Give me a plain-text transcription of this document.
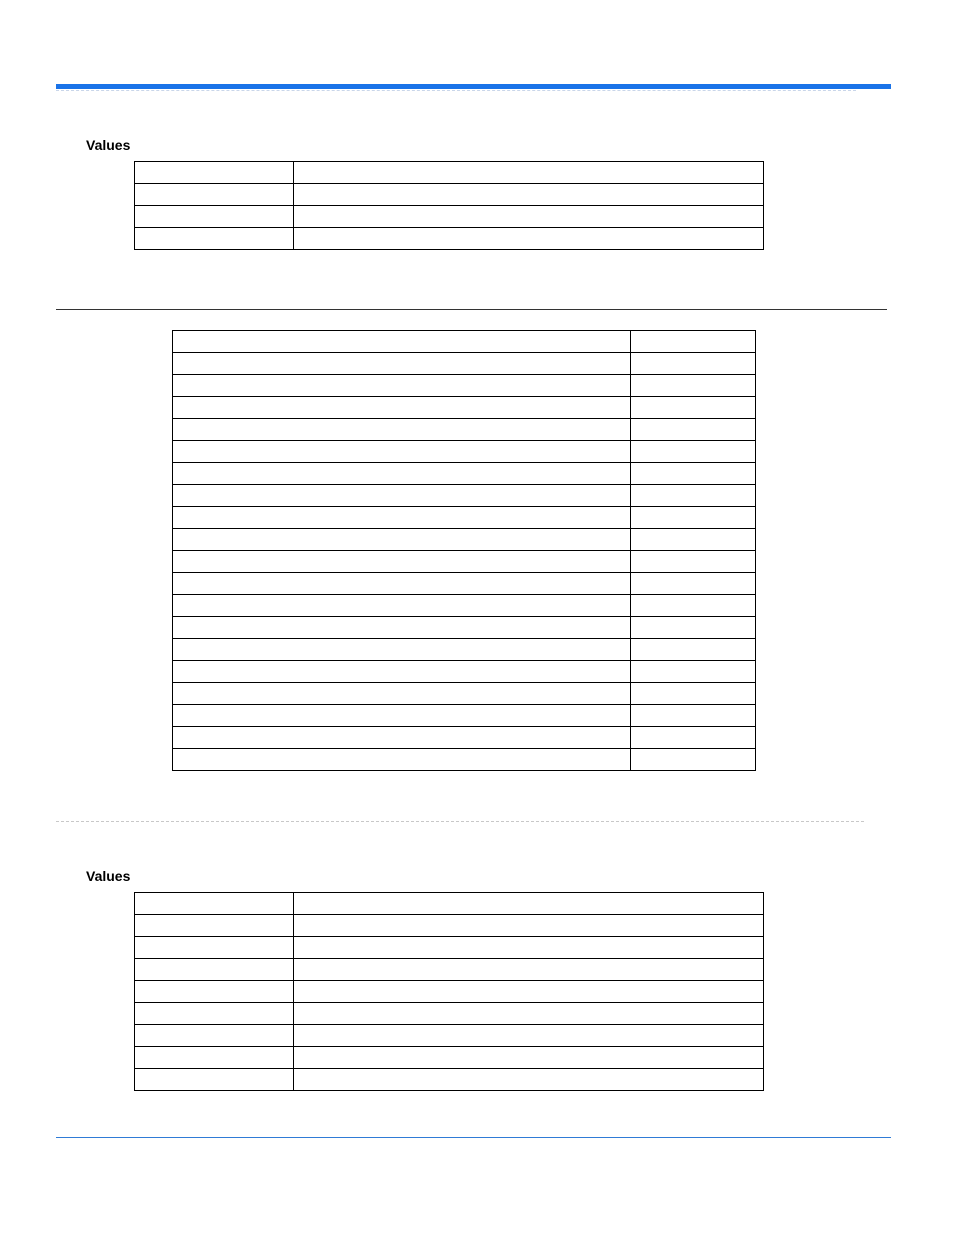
Values

Values
